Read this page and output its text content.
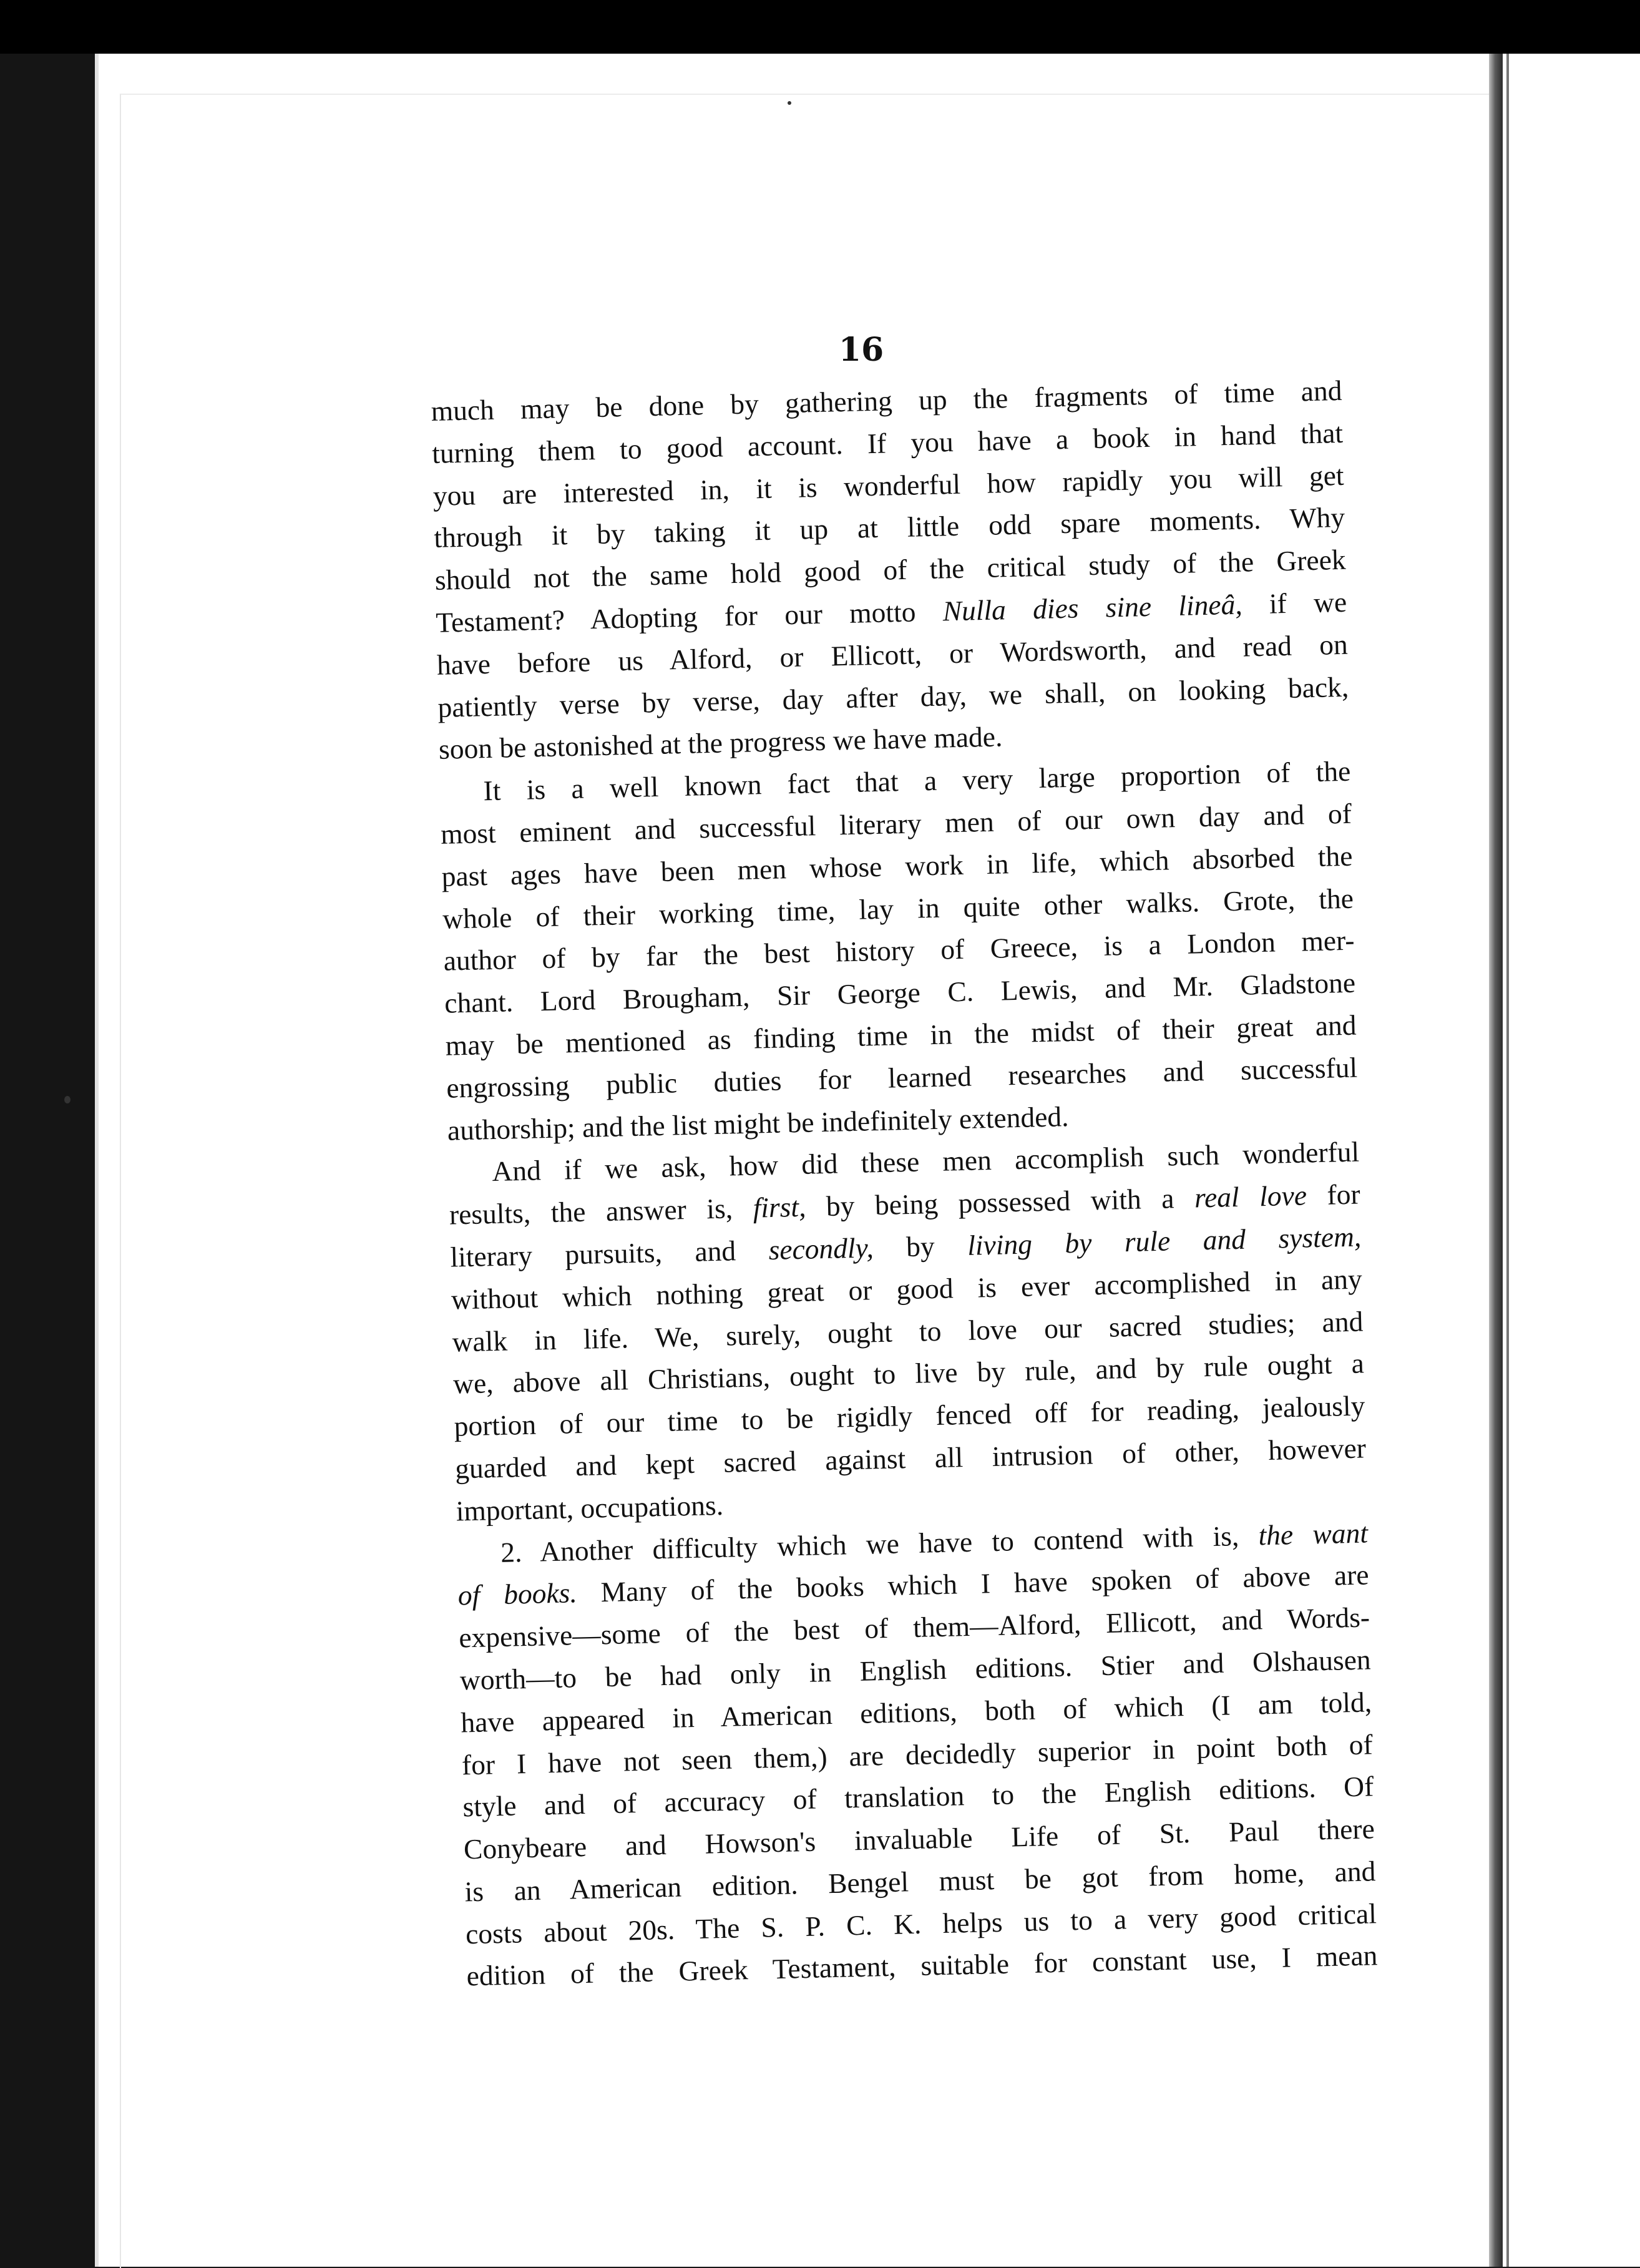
16
much may be done by gathering up the fragments of time and
turning them to good account. If you have a book in hand that
you are interested in, it is wonderful how rapidly you will get
through it by taking it up at little odd spare moments. Why
should not the same hold good of the critical study of the Greek
Testament? Adopting for our motto Nulla dies sine lineâ, if we
have before us Alford, or Ellicott, or Wordsworth, and read on
patiently verse by verse, day after day, we shall, on looking back,
soon be astonished at the progress we have made.
It is a well known fact that a very large proportion of the
most eminent and successful literary men of our own day and of
past ages have been men whose work in life, which absorbed the
whole of their working time, lay in quite other walks. Grote, the
author of by far the best history of Greece, is a London mer-
chant. Lord Brougham, Sir George C. Lewis, and Mr. Gladstone
may be mentioned as finding time in the midst of their great and
engrossing public duties for learned researches and successful
authorship; and the list might be indefinitely extended.
And if we ask, how did these men accomplish such wonderful
results, the answer is, first, by being possessed with a real love for
literary pursuits, and secondly, by living by rule and system,
without which nothing great or good is ever accomplished in any
walk in life. We, surely, ought to love our sacred studies; and
we, above all Christians, ought to live by rule, and by rule ought a
portion of our time to be rigidly fenced off for reading, jealously
guarded and kept sacred against all intrusion of other, however
important, occupations.
2. Another difficulty which we have to contend with is, the want
of books. Many of the books which I have spoken of above are
expensive—some of the best of them—Alford, Ellicott, and Words-
worth—to be had only in English editions. Stier and Olshausen
have appeared in American editions, both of which (I am told,
for I have not seen them,) are decidedly superior in point both of
style and of accuracy of translation to the English editions. Of
Conybeare and Howson's invaluable Life of St. Paul there
is an American edition. Bengel must be got from home, and
costs about 20s. The S. P. C. K. helps us to a very good critical
edition of the Greek Testament, suitable for constant use, I mean
